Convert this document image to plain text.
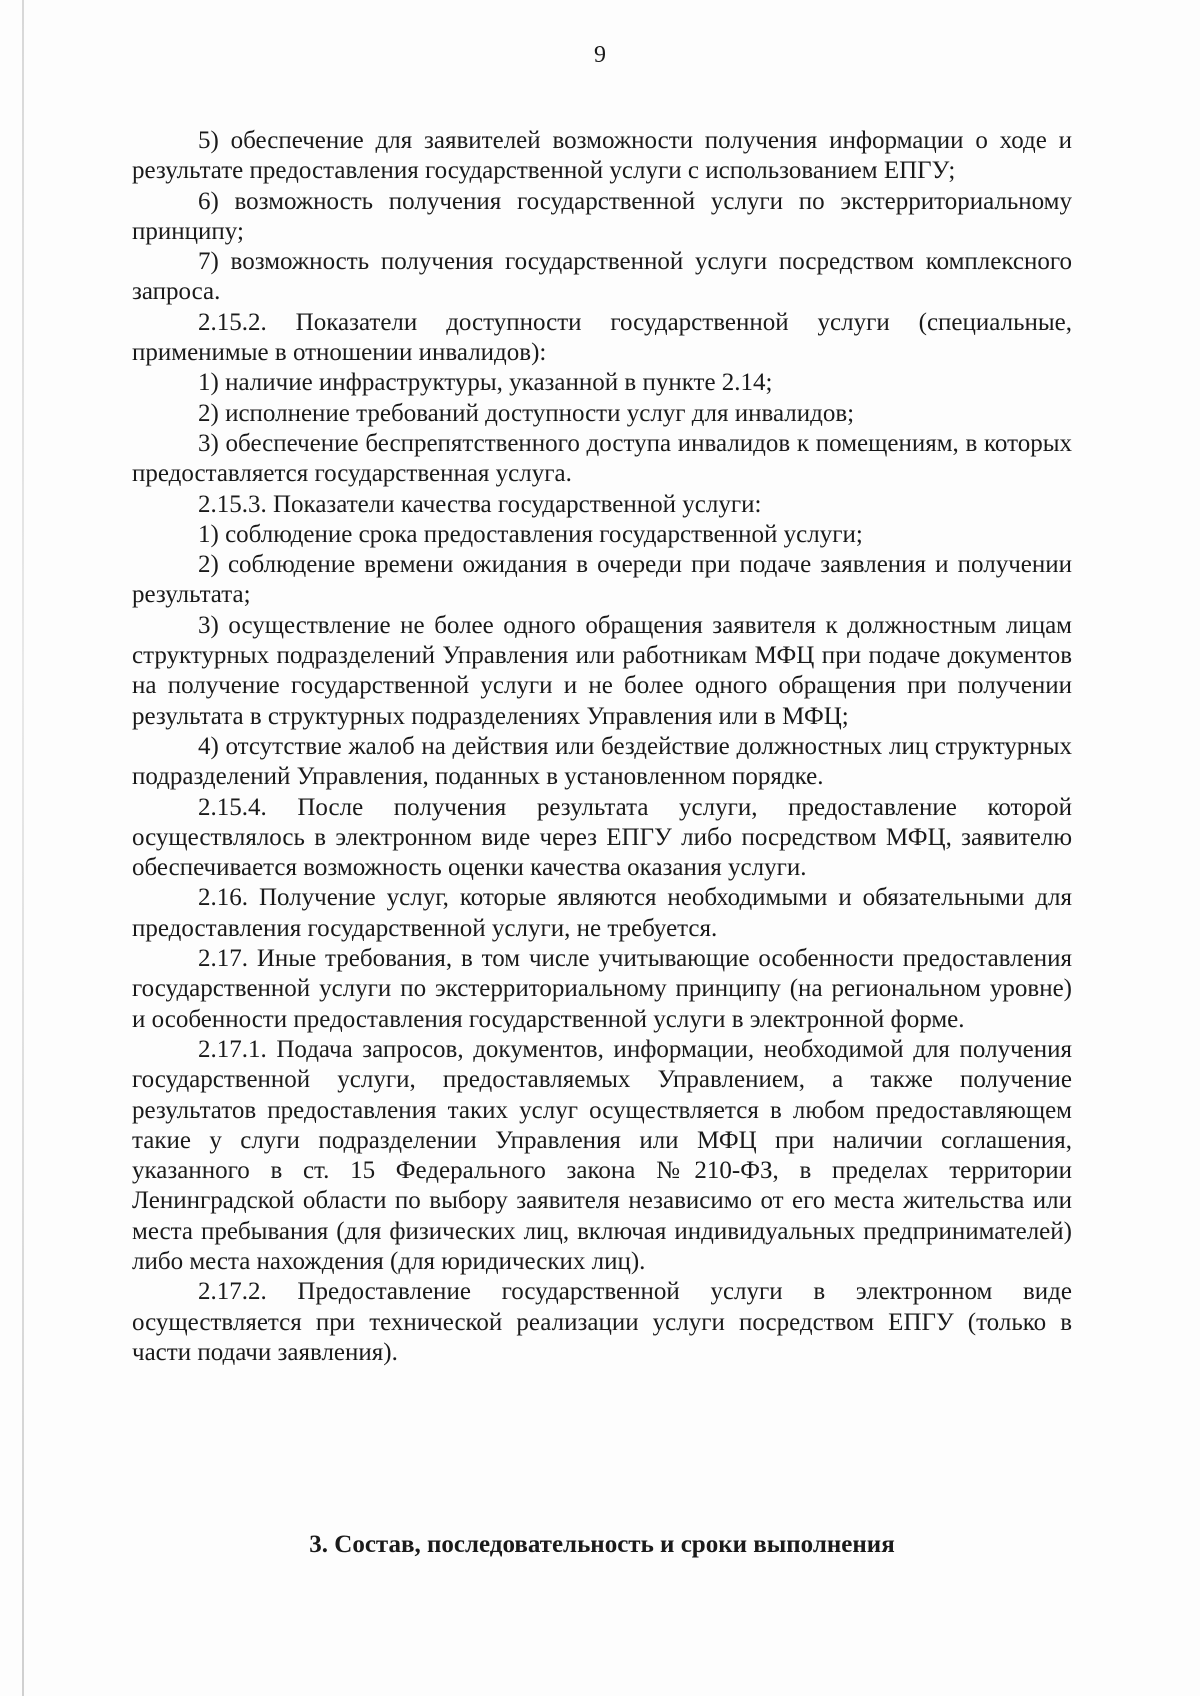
9

5) обеспечение для заявителей возможности получения информации о ходе и результате предоставления государственной услуги с использованием ЕПГУ;

6) возможность получения государственной услуги по экстерриториальному принципу;

7) возможность получения государственной услуги посредством комплексного запроса.

2.15.2. Показатели доступности государственной услуги (специальные, применимые в отношении инвалидов):

1) наличие инфраструктуры, указанной в пункте 2.14;

2) исполнение требований доступности услуг для инвалидов;

3) обеспечение беспрепятственного доступа инвалидов к помещениям, в которых предоставляется государственная услуга.

2.15.3. Показатели качества государственной услуги:

1) соблюдение срока предоставления государственной услуги;

2) соблюдение времени ожидания в очереди при подаче заявления и получении результата;

3) осуществление не более одного обращения заявителя к должностным лицам структурных подразделений Управления или работникам МФЦ при подаче документов на получение государственной услуги и не более одного обращения при получении результата в структурных подразделениях Управления или в МФЦ;

4) отсутствие жалоб на действия или бездействие должностных лиц структурных подразделений Управления, поданных в установленном порядке.

2.15.4. После получения результата услуги, предоставление которой осуществлялось в электронном виде через ЕПГУ либо посредством МФЦ, заявителю обеспечивается возможность оценки качества оказания услуги.

2.16. Получение услуг, которые являются необходимыми и обязательными для предоставления государственной услуги, не требуется.

2.17. Иные требования, в том числе учитывающие особенности предоставления государственной услуги по экстерриториальному принципу (на региональном уровне) и особенности предоставления государственной услуги в электронной форме.

2.17.1. Подача запросов, документов, информации, необходимой для получения государственной услуги, предоставляемых Управлением, а также получение результатов предоставления таких услуг осуществляется в любом предоставляющем такие у слуги подразделении Управления или МФЦ при наличии соглашения, указанного в ст. 15 Федерального закона №210-ФЗ, в пределах территории Ленинградской области по выбору заявителя независимо от его места жительства или места пребывания (для физических лиц, включая индивидуальных предпринимателей) либо места нахождения (для юридических лиц).

2.17.2. Предоставление государственной услуги в электронном виде осуществляется при технической реализации услуги посредством ЕПГУ (только в части подачи заявления).

3. Состав, последовательность и сроки выполнения
